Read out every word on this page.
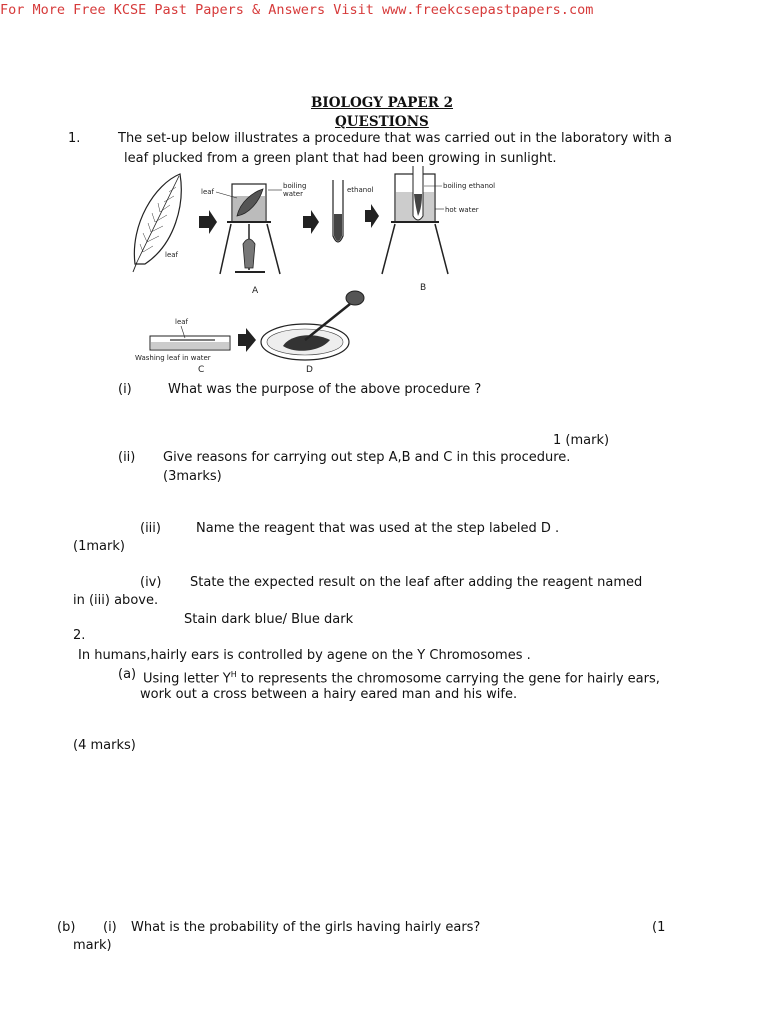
For More Free KCSE Past Papers & Answers Visit www.freekcsepastpapers.com
BIOLOGY PAPER 2
QUESTIONS
1.	The set-up below illustrates a procedure that was carried out in the laboratory with a
leaf plucked from a green plant that had been growing in sunlight.
leaf
leaf
boiling
water
A
ethanol	boiling ethanol
hot water
B
leaf
Washing leaf in water
C	D
(i)	What was the purpose of the above procedure ?
1 (mark)
(ii) Give reasons for carrying out step A,B and C in this procedure.
(3marks)
(iii)	Name the reagent that was used at the step labeled D .
(1mark)
(iv) State the expected result on the leaf after adding the reagent named
in (iii) above.
Stain dark blue/ Blue dark
2.
In humans,hairly ears is controlled by agene on the Y Chromosomes .
(a) Using letter $Y^H$ to represents the chromosome carrying the gene for hairly ears,
work out a cross between a hairy eared man and his wife.
(4 marks)
(b) (i) What is the probability of the girls having hairly ears?	(1
mark)
